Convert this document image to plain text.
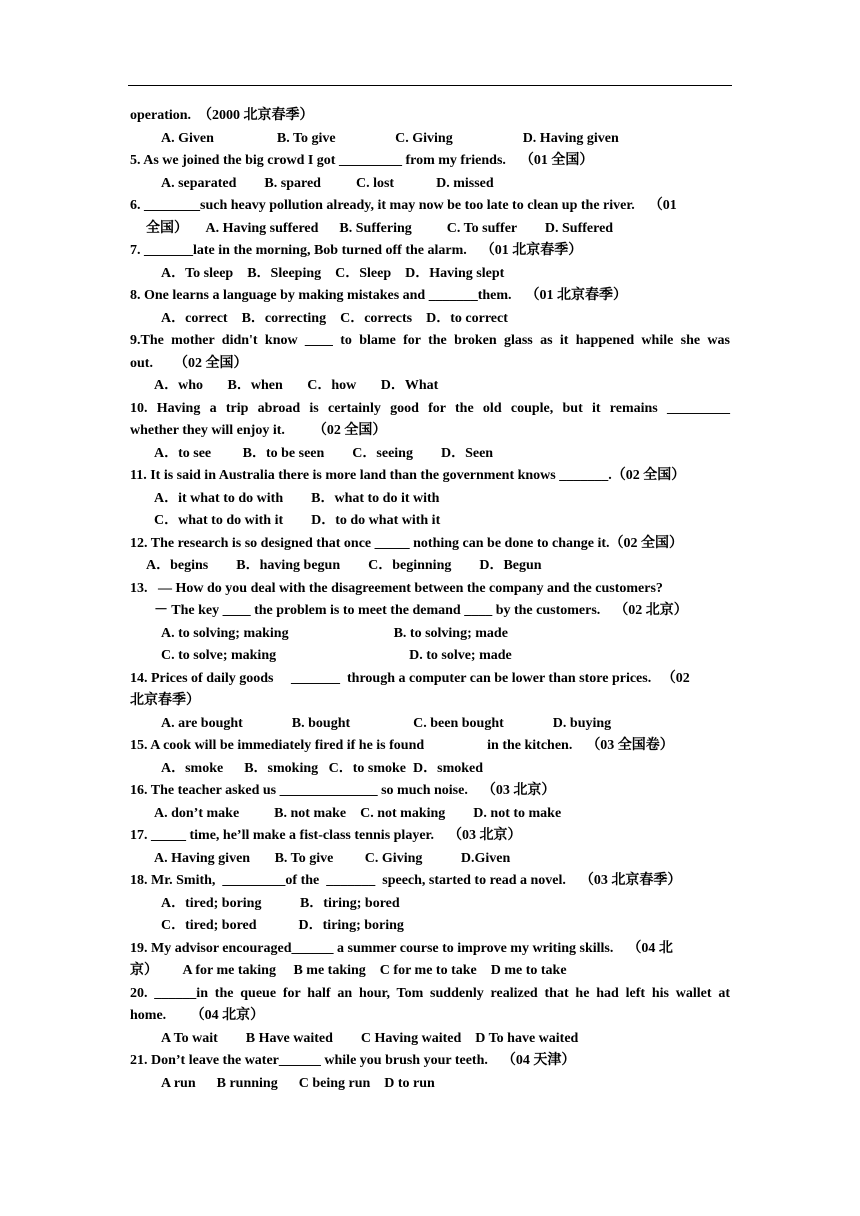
operation.  （2000 北京春季）
A. Given                  B. To give                 C. Giving                    D. Having given
5. As we joined the big crowd I got _________ from my friends.    （01 全国）
A. separated        B. spared          C. lost            D. missed
6. ________such heavy pollution already, it may now be too late to clean up the river.    （01
全国）     A. Having suffered      B. Suffering          C. To suffer        D. Suffered
7. _______late in the morning, Bob turned off the alarm.    （01 北京春季）
A．To sleep    B．Sleeping    C．Sleep    D．Having slept
8. One learns a language by making mistakes and _______them.    （01 北京春季）
A．correct    B．correcting    C．corrects    D．to correct
9.The mother didn't know ____ to blame for the broken glass as it happened while she was
out.      （02 全国）
A．who       B．when       C．how       D．What
10. Having a trip abroad is certainly good for the old couple, but it remains _________
whether they will enjoy it.        （02 全国）
A．to see         B．to be seen        C．seeing        D．Seen
11. It is said in Australia there is more land than the government knows _______.（02 全国）
A．it what to do with        B．what to do it with
C．what to do with it        D．to do what with it
12. The research is so designed that once _____ nothing can be done to change it.（02 全国）
A．begins        B．having begun        C．beginning        D．Begun
13.   — How do you deal with the disagreement between the company and the customers?
－ The key ____ the problem is to meet the demand ____ by the customers.    （02 北京）
A. to solving; making                              B. to solving; made
C. to solve; making                                      D. to solve; made
14. Prices of daily goods     _______  through a computer can be lower than store prices.   （02
北京春季）
A. are bought              B. bought                  C. been bought              D. buying
15. A cook will be immediately fired if he is found                  in the kitchen.    （03 全国卷）
A．smoke      B．smoking   C．to smoke  D．smoked
16. The teacher asked us ______________ so much noise.    （03 北京）
A. don’t make          B. not make    C. not making        D. not to make
17. _____ time, he’ll make a fist-class tennis player.    （03 北京）
A. Having given       B. To give         C. Giving           D.Given
18. Mr. Smith,  _________of the  _______  speech, started to read a novel.    （03 北京春季）
A．tired; boring           B．tiring; bored
C．tired; bored            D．tiring; boring
19. My advisor encouraged______ a summer course to improve my writing skills.    （04 北
京）       A for me taking     B me taking    C for me to take    D me to take
20. ______in the queue for half an hour, Tom suddenly realized that he had left his wallet at
home.       （04 北京）
A To wait        B Have waited        C Having waited    D To have waited
21. Don’t leave the water______ while you brush your teeth.    （04 天津）
A run      B running      C being run    D to run
